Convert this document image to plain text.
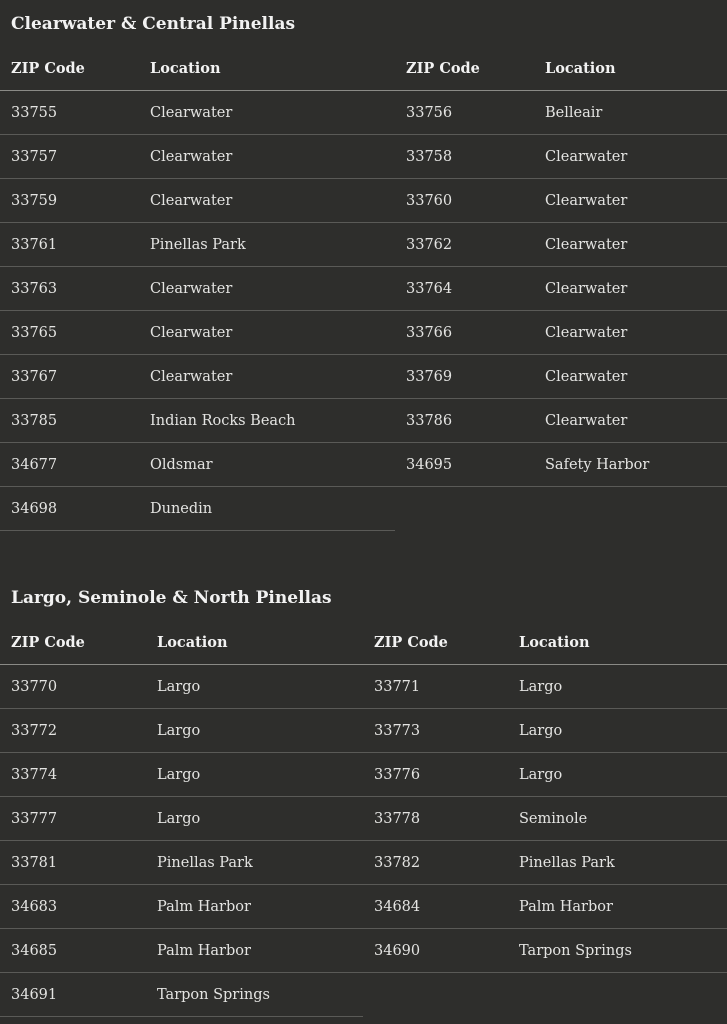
Clearwater & Central Pinellas
ZIP Code	Location	ZIP Code	Location
33755	Clearwater	33756	Belleair
33757	Clearwater	33758	Clearwater
33759	Clearwater	33760	Clearwater
33761	Pinellas Park	33762	Clearwater
33763	Clearwater	33764	Clearwater
33765	Clearwater	33766	Clearwater
33767	Clearwater	33769	Clearwater
33785	Indian Rocks Beach	33786	Clearwater
34677	Oldsmar	34695	Safety Harbor
34698	Dunedin		
Largo, Seminole & North Pinellas
ZIP Code	Location	ZIP Code	Location
33770	Largo	33771	Largo
33772	Largo	33773	Largo
33774	Largo	33776	Largo
33777	Largo	33778	Seminole
33781	Pinellas Park	33782	Pinellas Park
34683	Palm Harbor	34684	Palm Harbor
34685	Palm Harbor	34690	Tarpon Springs
34691	Tarpon Springs		
